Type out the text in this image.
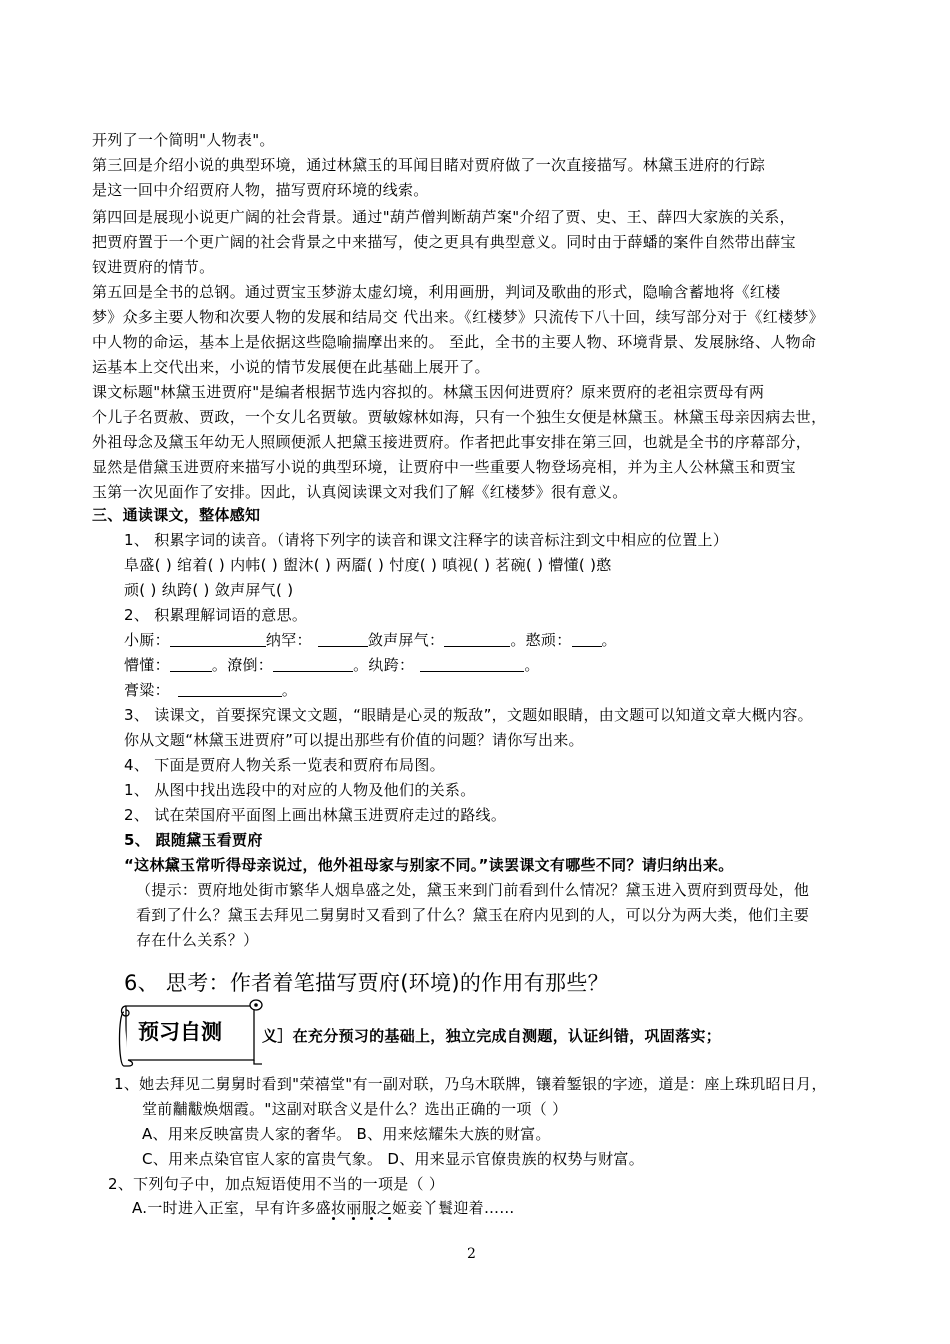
开列了一个简明"人物表"。
第三回是介绍小说的典型环境，通过林黛玉的耳闻目睹对贾府做了一次直接描写。林黛玉进府的行踪
是这一回中介绍贾府人物，描写贾府环境的线索。
第四回是展现小说更广阔的社会背景。通过"葫芦僧判断葫芦案"介绍了贾、史、王、薛四大家族的关系，
把贾府置于一个更广阔的社会背景之中来描写，使之更具有典型意义。同时由于薛蟠的案件自然带出薛宝
钗进贾府的情节。
第五回是全书的总钢。通过贾宝玉梦游太虚幻境，利用画册，判词及歌曲的形式，隐喻含蓄地将《红楼
梦》众多主要人物和次要人物的发展和结局交 代出来。《红楼梦》只流传下八十回，续写部分对于《红楼梦》
中人物的命运，基本上是依据这些隐喻揣摩出来的。 至此，全书的主要人物、环境背景、发展脉络、人物命
运基本上交代出来，小说的情节发展便在此基础上展开了。
课文标题"林黛玉进贾府"是编者根据节选内容拟的。林黛玉因何进贾府？原来贾府的老祖宗贾母有两
个儿子名贾赦、贾政，一个女儿名贾敏。贾敏嫁林如海，只有一个独生女便是林黛玉。林黛玉母亲因病去世，
外祖母念及黛玉年幼无人照顾便派人把黛玉接进贾府。作者把此事安排在第三回，也就是全书的序幕部分，
显然是借黛玉进贾府来描写小说的典型环境，让贾府中一些重要人物登场亮相，并为主人公林黛玉和贾宝
玉第一次见面作了安排。因此，认真阅读课文对我们了解《红楼梦》很有意义。
三、通读课文，整体感知
1、 积累字词的读音。（请将下列字的读音和课文注释字的读音标注到文中相应的位置上）
阜盛( ) 绾着( ) 内帏( ) 盥沐( ) 两靥( ) 忖度( ) 嗔视( ) 茗碗( ) 懵懂( )憨
顽( ) 纨跨( ) 敛声屏气( )
2、 积累理解词语的意思。
小厮：	纳罕：	敛声屏气：	。憨顽： 。
懵懂：	。潦倒：	。纨跨：	。
膏粱：	。
3、 读课文，首要探究课文文题，“眼睛是心灵的叛敌”，文题如眼睛，由文题可以知道文章大概内容。
你从文题“林黛玉进贾府”可以提出那些有价值的问题？请你写出来。
4、 下面是贾府人物关系一览表和贾府布局图。
1、 从图中找出选段中的对应的人物及他们的关系。
2、 试在荣国府平面图上画出林黛玉进贾府走过的路线。
5、 跟随黛玉看贾府
“这林黛玉常听得母亲说过，他外祖母家与别家不同。”读罢课文有哪些不同？请归纳出来。
（提示：贾府地处街市繁华人烟阜盛之处，黛玉来到门前看到什么情况？黛玉进入贾府到贾母处，他
看到了什么？黛玉去拜见二舅舅时又看到了什么？黛玉在府内见到的人，可以分为两大类，他们主要
存在什么关系？）
6、 思考：作者着笔描写贾府(环境)的作用有那些？
预习自测	义］在充分预习的基础上，独立完成自测题，认证纠错，巩固落实；
1、她去拜见二舅舅时看到"荣禧堂"有一副对联，乃乌木联牌，镶着錾银的字迹，道是：座上珠玑昭日月，
堂前黼黻焕烟霞。"这副对联含义是什么？选出正确的一项（ ）
A、用来反映富贵人家的奢华。 B、用来炫耀朱大族的财富。
C、用来点染官宦人家的富贵气象。 D、用来显示官僚贵族的权势与财富。
2、下列句子中，加点短语使用不当的一项是（ ）
A.一时进入正室，早有许多盛妆丽服之姬妾丫鬟迎着……
2
